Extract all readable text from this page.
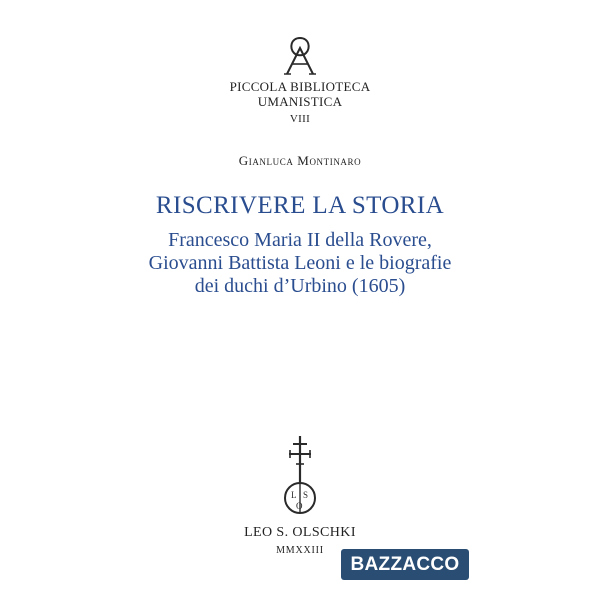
PICCOLA BIBLIOTECA
UMANISTICA
VIII
Gianluca Montinaro
RISCRIVERE LA STORIA
Francesco Maria II della Rovere,
Giovanni Battista Leoni e le biografie
dei duchi d’Urbino (1605)
L S
O
LEO S. OLSCHKI
MMXXIII
BAZZACCO
